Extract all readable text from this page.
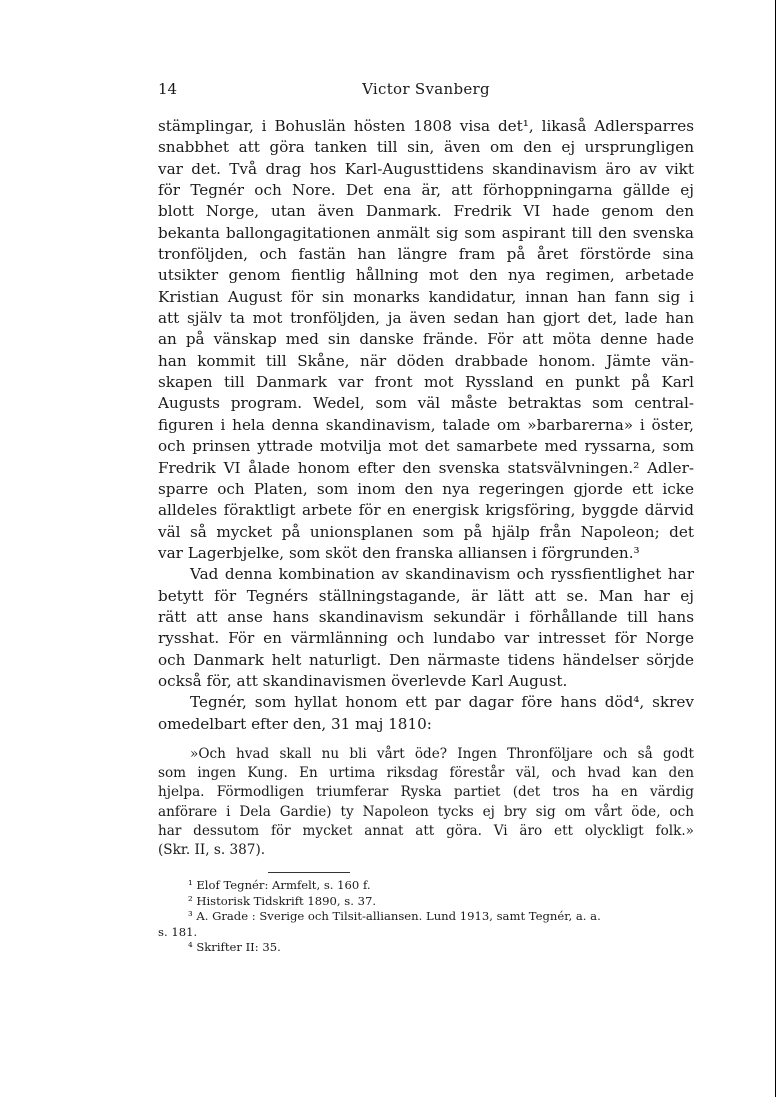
14	Victor Svanberg
stämplingar, i Bohuslän hösten 1808 visa det¹, likaså Adlersparres
snabbhet att göra tanken till sin, även om den ej ursprungligen
var det. Två drag hos Karl-Augusttidens skandinavism äro av vikt
för Tegnér och Nore. Det ena är, att förhoppningarna gällde ej
blott Norge, utan även Danmark. Fredrik VI hade genom den
bekanta ballongagitationen anmält sig som aspirant till den svenska
tronföljden, och fastän han längre fram på året förstörde sina
utsikter genom fientlig hållning mot den nya regimen, arbetade
Kristian August för sin monarks kandidatur, innan han fann sig i
att själv ta mot tronföljden, ja även sedan han gjort det, lade han
an på vänskap med sin danske frände. För att möta denne hade
han kommit till Skåne, när döden drabbade honom. Jämte vän-
skapen till Danmark var front mot Ryssland en punkt på Karl
Augusts program. Wedel, som väl måste betraktas som central-
figuren i hela denna skandinavism, talade om »barbarerna» i öster,
och prinsen yttrade motvilja mot det samarbete med ryssarna, som
Fredrik VI ålade honom efter den svenska statsvälvningen.² Adler-
sparre och Platen, som inom den nya regeringen gjorde ett icke
alldeles föraktligt arbete för en energisk krigsföring, byggde därvid
väl så mycket på unionsplanen som på hjälp från Napoleon; det
var Lagerbjelke, som sköt den franska alliansen i förgrunden.³
Vad denna kombination av skandinavism och ryssfientlighet har
betytt för Tegnérs ställningstagande, är lätt att se. Man har ej
rätt att anse hans skandinavism sekundär i förhållande till hans
rysshat. För en värmlänning och lundabo var intresset för Norge
och Danmark helt naturligt. Den närmaste tidens händelser sörjde
också för, att skandinavismen överlevde Karl August.
Tegnér, som hyllat honom ett par dagar före hans död⁴, skrev
omedelbart efter den, 31 maj 1810:
»Och hvad skall nu bli vårt öde? Ingen Thronföljare och så godt
som ingen Kung. En urtima riksdag förestår väl, och hvad kan den
hjelpa. Förmodligen triumferar Ryska partiet (det tros ha en värdig
anförare i Dela Gardie) ty Napoleon tycks ej bry sig om vårt öde, och
har dessutom för mycket annat att göra. Vi äro ett olyckligt folk.»
(Skr. II, s. 387).
¹ Elof Tegnér: Armfelt, s. 160 f.
² Historisk Tidskrift 1890, s. 37.
³ A. Grade : Sverige och Tilsit-alliansen. Lund 1913, samt Tegnér, a. a.
s. 181.
⁴ Skrifter II: 35.
